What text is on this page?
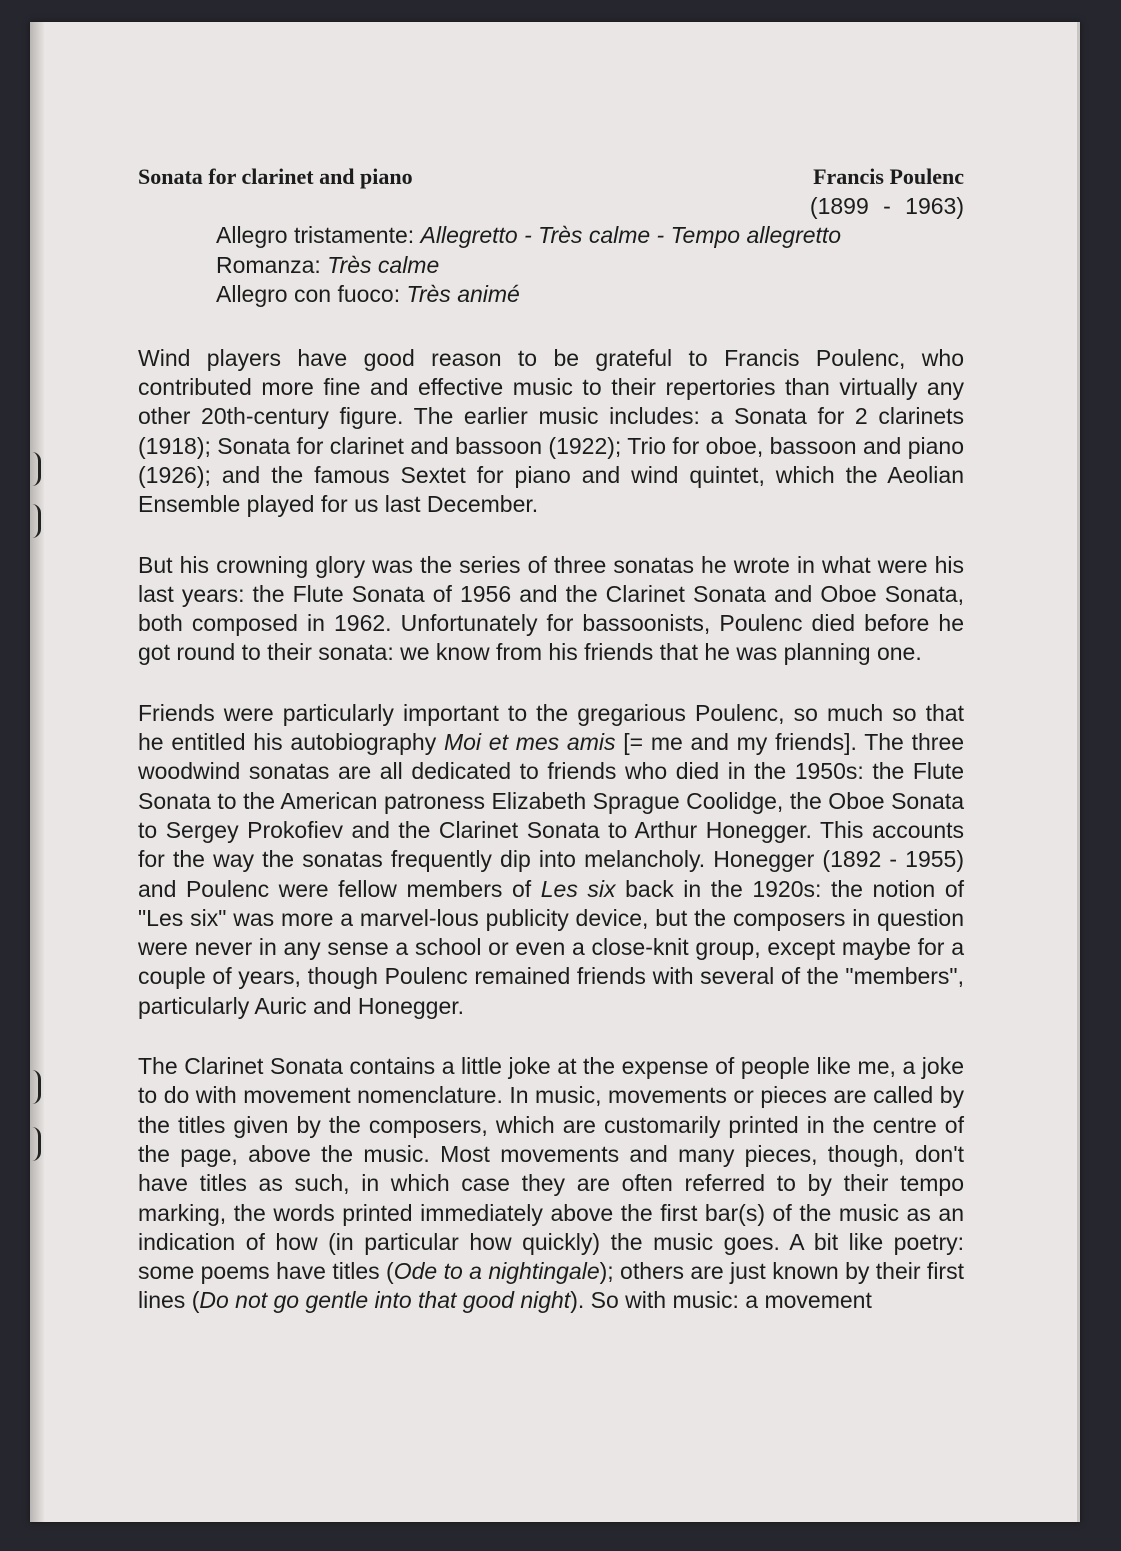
Sonata for clarinet and piano	Francis Poulenc
(1899 - 1963)
Allegro tristamente: Allegretto - Très calme - Tempo allegretto
Romanza: Très calme
Allegro con fuoco: Très animé

Wind players have good reason to be grateful to Francis Poulenc, who contributed more fine and effective music to their repertories than virtually any other 20th-century figure. The earlier music includes: a Sonata for 2 clarinets (1918); Sonata for clarinet and bassoon (1922); Trio for oboe, bassoon and piano (1926); and the famous Sextet for piano and wind quintet, which the Aeolian Ensemble played for us last December.

But his crowning glory was the series of three sonatas he wrote in what were his last years: the Flute Sonata of 1956 and the Clarinet Sonata and Oboe Sonata, both composed in 1962. Unfortunately for bassoonists, Poulenc died before he got round to their sonata: we know from his friends that he was planning one.

Friends were particularly important to the gregarious Poulenc, so much so that he entitled his autobiography Moi et mes amis [= me and my friends]. The three woodwind sonatas are all dedicated to friends who died in the 1950s: the Flute Sonata to the American patroness Elizabeth Sprague Coolidge, the Oboe Sonata to Sergey Prokofiev and the Clarinet Sonata to Arthur Honegger. This accounts for the way the sonatas frequently dip into melancholy. Honegger (1892 - 1955) and Poulenc were fellow members of Les six back in the 1920s: the notion of "Les six" was more a marvel-lous publicity device, but the composers in question were never in any sense a school or even a close-knit group, except maybe for a couple of years, though Poulenc remained friends with several of the "members", particularly Auric and Honegger.

The Clarinet Sonata contains a little joke at the expense of people like me, a joke to do with movement nomenclature. In music, movements or pieces are called by the titles given by the composers, which are customarily printed in the centre of the page, above the music. Most movements and many pieces, though, don't have titles as such, in which case they are often referred to by their tempo marking, the words printed immediately above the first bar(s) of the music as an indication of how (in particular how quickly) the music goes. A bit like poetry: some poems have titles (Ode to a nightingale); others are just known by their first lines (Do not go gentle into that good night). So with music: a movement
